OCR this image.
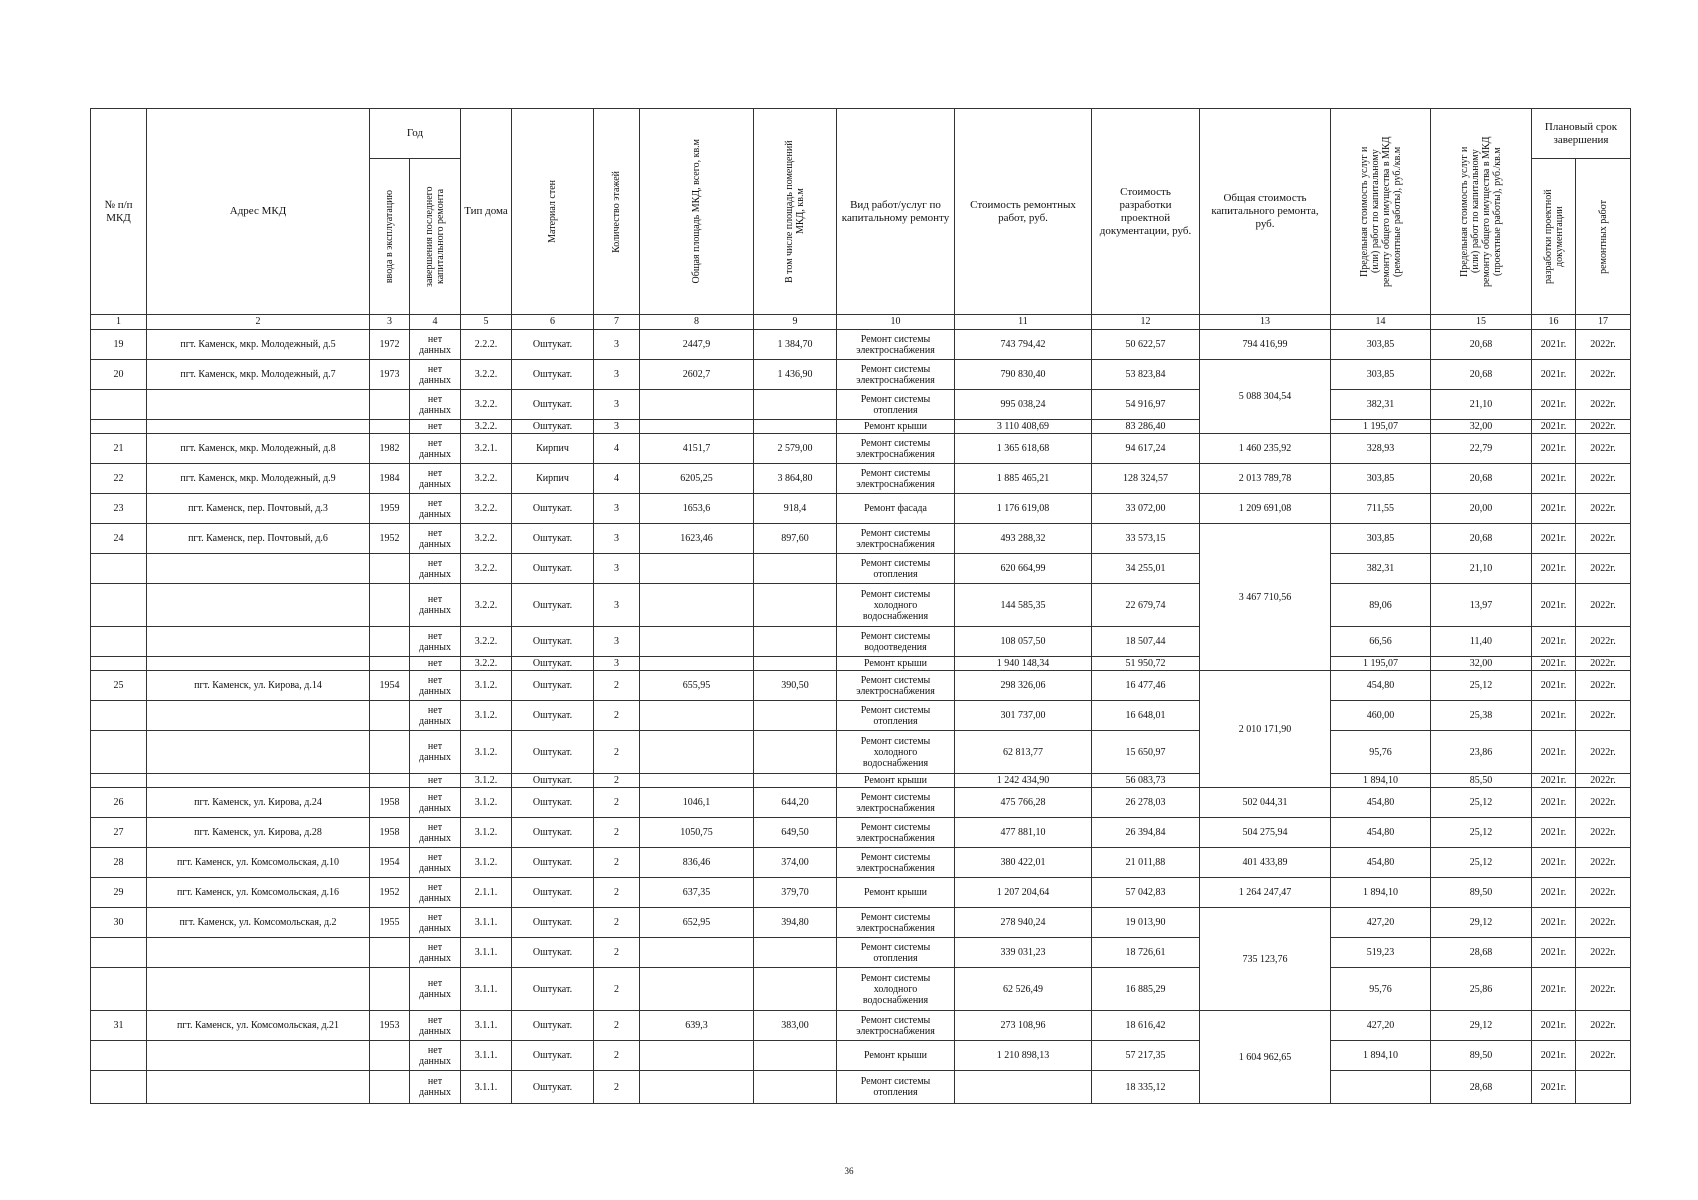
№ п/п МКД	Адрес МКД	Год		Тип дома	Материал стен	Количество этажей	Общая площадь МКД, всего, кв.м	В том числе площадь помещений МКД, кв.м	Вид работ/услуг по капитальному ремонту	Стоимость ремонтных работ, руб.	Стоимость разработки проектной документации, руб.	Общая стоимость капитального ремонта, руб.	Предельная стоимость услуг и (или) работ по капитальному ремонту общего имущества в МКД (ремонтные работы), руб./кв.м	Предельная стоимость услуг и (или) работ по капитальному ремонту общего имущества в МКД (проектные работы), руб./кв.м	Плановый срок завершения	

		ввода в эксплуатацию	завершения последнего капитального ремонта												разработки проектной документации	ремонтных работ

1	2	3	4	5	6	7	8	9	10	11	12	13	14	15	16	17
19	пгт. Каменск, мкр. Молодежный, д.5	1972	нет данных	2.2.2.	Оштукат.	3	2447,9	1 384,70	Ремонт системы электроснабжения	743 794,42	50 622,57	794 416,99	303,85	20,68	2021г.	2022г.
20	пгт. Каменск, мкр. Молодежный, д.7	1973	нет данных	3.2.2.	Оштукат.	3	2602,7	1 436,90	Ремонт системы электроснабжения	790 830,40	53 823,84	5 088 304,54	303,85	20,68	2021г.	2022г.
			нет данных	3.2.2.	Оштукат.	3			Ремонт системы отопления	995 038,24	54 916,97		382,31	21,10	2021г.	2022г.
			нет	3.2.2.	Оштукат.	3			Ремонт крыши	3 110 408,69	83 286,40		1 195,07	32,00	2021г.	2022г.
21	пгт. Каменск, мкр. Молодежный, д.8	1982	нет данных	3.2.1.	Кирпич	4	4151,7	2 579,00	Ремонт системы электроснабжения	1 365 618,68	94 617,24	1 460 235,92	328,93	22,79	2021г.	2022г.
22	пгт. Каменск, мкр. Молодежный, д.9	1984	нет данных	3.2.2.	Кирпич	4	6205,25	3 864,80	Ремонт системы электроснабжения	1 885 465,21	128 324,57	2 013 789,78	303,85	20,68	2021г.	2022г.
23	пгт. Каменск, пер. Почтовый, д.3	1959	нет данных	3.2.2.	Оштукат.	3	1653,6	918,4	Ремонт фасада	1 176 619,08	33 072,00	1 209 691,08	711,55	20,00	2021г.	2022г.
24	пгт. Каменск, пер. Почтовый, д.6	1952	нет данных	3.2.2.	Оштукат.	3	1623,46	897,60	Ремонт системы электроснабжения	493 288,32	33 573,15	3 467 710,56	303,85	20,68	2021г.	2022г.
			нет данных	3.2.2.	Оштукат.	3			Ремонт системы отопления	620 664,99	34 255,01		382,31	21,10	2021г.	2022г.
			нет данных	3.2.2.	Оштукат.	3			Ремонт системы холодного водоснабжения	144 585,35	22 679,74		89,06	13,97	2021г.	2022г.
			нет данных	3.2.2.	Оштукат.	3			Ремонт системы водоотведения	108 057,50	18 507,44		66,56	11,40	2021г.	2022г.
			нет	3.2.2.	Оштукат.	3			Ремонт крыши	1 940 148,34	51 950,72		1 195,07	32,00	2021г.	2022г.
25	пгт. Каменск, ул. Кирова, д.14	1954	нет данных	3.1.2.	Оштукат.	2	655,95	390,50	Ремонт системы электроснабжения	298 326,06	16 477,46	2 010 171,90	454,80	25,12	2021г.	2022г.
			нет данных	3.1.2.	Оштукат.	2			Ремонт системы отопления	301 737,00	16 648,01		460,00	25,38	2021г.	2022г.
			нет данных	3.1.2.	Оштукат.	2			Ремонт системы холодного водоснабжения	62 813,77	15 650,97		95,76	23,86	2021г.	2022г.
			нет	3.1.2.	Оштукат.	2			Ремонт крыши	1 242 434,90	56 083,73		1 894,10	85,50	2021г.	2022г.
26	пгт. Каменск, ул. Кирова, д.24	1958	нет данных	3.1.2.	Оштукат.	2	1046,1	644,20	Ремонт системы электроснабжения	475 766,28	26 278,03	502 044,31	454,80	25,12	2021г.	2022г.
27	пгт. Каменск, ул. Кирова, д.28	1958	нет данных	3.1.2.	Оштукат.	2	1050,75	649,50	Ремонт системы электроснабжения	477 881,10	26 394,84	504 275,94	454,80	25,12	2021г.	2022г.
28	пгт. Каменск, ул. Комсомольская, д.10	1954	нет данных	3.1.2.	Оштукат.	2	836,46	374,00	Ремонт системы электроснабжения	380 422,01	21 011,88	401 433,89	454,80	25,12	2021г.	2022г.
29	пгт. Каменск, ул. Комсомольская, д.16	1952	нет данных	2.1.1.	Оштукат.	2	637,35	379,70	Ремонт крыши	1 207 204,64	57 042,83	1 264 247,47	1 894,10	89,50	2021г.	2022г.
30	пгт. Каменск, ул. Комсомольская, д.2	1955	нет данных	3.1.1.	Оштукат.	2	652,95	394,80	Ремонт системы электроснабжения	278 940,24	19 013,90	735 123,76	427,20	29,12	2021г.	2022г.
			нет данных	3.1.1.	Оштукат.	2			Ремонт системы отопления	339 031,23	18 726,61		519,23	28,68	2021г.	2022г.
			нет данных	3.1.1.	Оштукат.	2			Ремонт системы холодного водоснабжения	62 526,49	16 885,29		95,76	25,86	2021г.	2022г.
31	пгт. Каменск, ул. Комсомольская, д.21	1953	нет данных	3.1.1.	Оштукат.	2	639,3	383,00	Ремонт системы электроснабжения	273 108,96	18 616,42	1 604 962,65	427,20	29,12	2021г.	2022г.
			нет данных	3.1.1.	Оштукат.	2			Ремонт крыши	1 210 898,13	57 217,35		1 894,10	89,50	2021г.	2022г.
			нет данных	3.1.1.	Оштукат.	2			Ремонт системы отопления		18 335,12			28,68	2021г.	
36
